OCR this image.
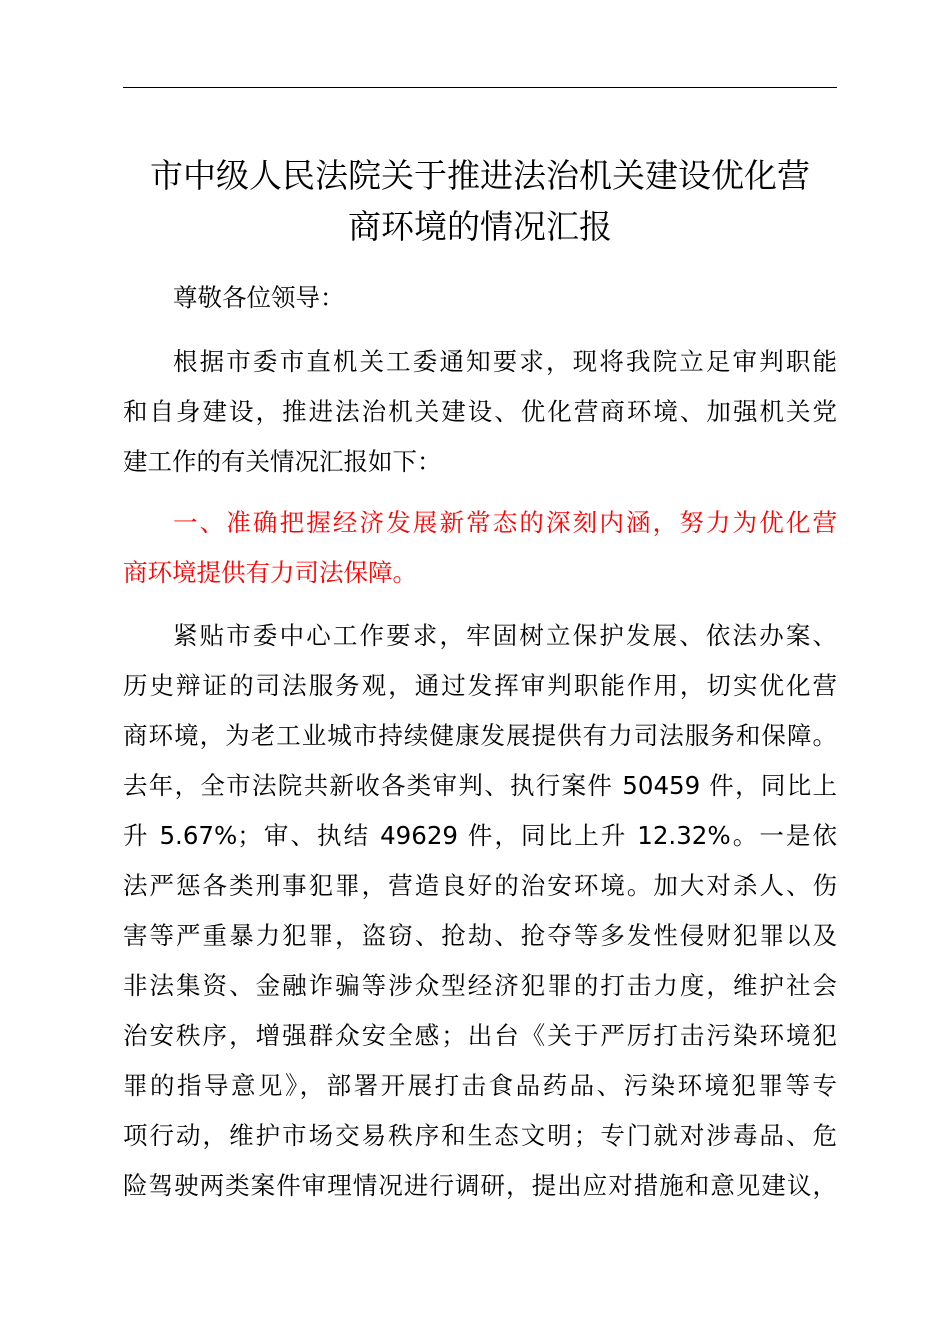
市中级人民法院关于推进法治机关建设优化营
商环境的情况汇报

尊敬各位领导：

根据市委市直机关工委通知要求，现将我院立足审判职能
和自身建设，推进法治机关建设、优化营商环境、加强机关党
建工作的有关情况汇报如下：

一、准确把握经济发展新常态的深刻内涵，努力为优化营
商环境提供有力司法保障。

紧贴市委中心工作要求，牢固树立保护发展、依法办案、
历史辩证的司法服务观，通过发挥审判职能作用，切实优化营
商环境，为老工业城市持续健康发展提供有力司法服务和保障。
去年，全市法院共新收各类审判、执行案件 50459 件，同比上
升 5.67%；审、执结 49629 件，同比上升 12.32%。一是依
法严惩各类刑事犯罪，营造良好的治安环境。加大对杀人、伤
害等严重暴力犯罪，盗窃、抢劫、抢夺等多发性侵财犯罪以及
非法集资、金融诈骗等涉众型经济犯罪的打击力度，维护社会
治安秩序，增强群众安全感；出台《关于严厉打击污染环境犯
罪的指导意见》，部署开展打击食品药品、污染环境犯罪等专
项行动，维护市场交易秩序和生态文明；专门就对涉毒品、危
险驾驶两类案件审理情况进行调研，提出应对措施和意见建议，
